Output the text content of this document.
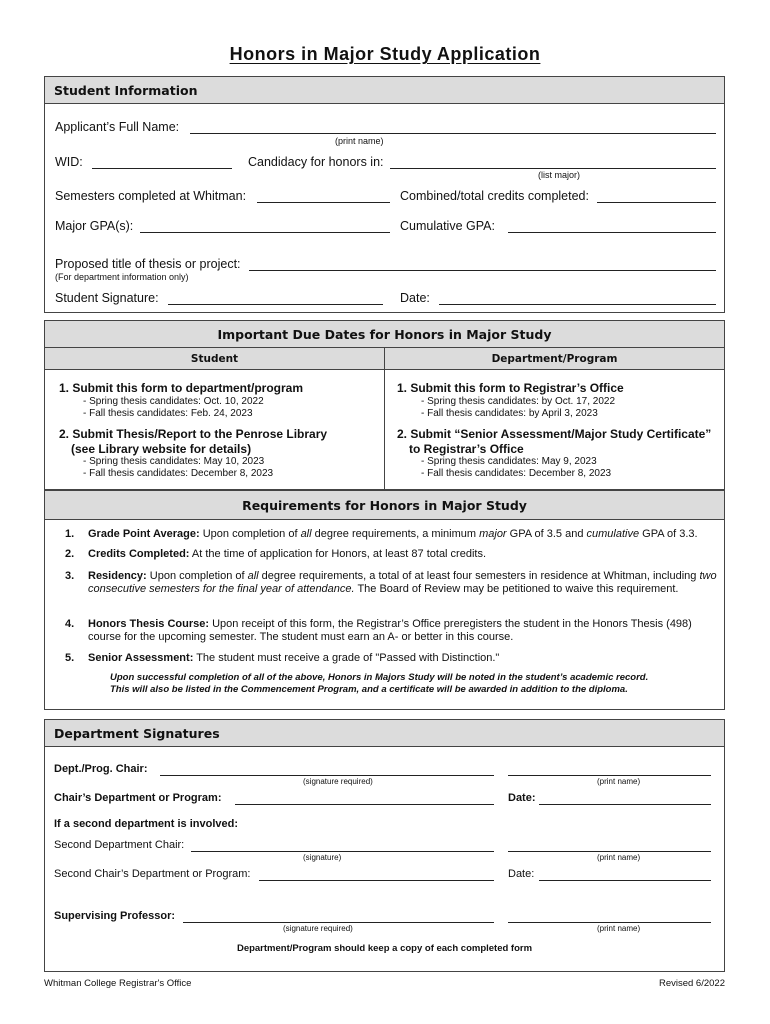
Honors in Major Study Application
Student Information
Applicant’s Full Name:
(print name)
WID:	Candidacy for honors in:
(list major)
Semesters completed at Whitman:	Combined/total credits completed:
Major GPA(s):	Cumulative GPA:
Proposed title of thesis or project:
(For department information only)
Student Signature:	Date:
Important Due Dates for Honors in Major Study
Student	Department/Program
1. Submit this form to department/program
- Spring thesis candidates: Oct. 10, 2022
- Fall thesis candidates: Feb. 24, 2023
2. Submit Thesis/Report to the Penrose Library
(see Library website for details)
- Spring thesis candidates: May 10, 2023
- Fall thesis candidates: December 8, 2023
1. Submit this form to Registrar’s Office
- Spring thesis candidates: by Oct. 17, 2022
- Fall thesis candidates: by April 3, 2023
2. Submit “Senior Assessment/Major Study Certificate”
to Registrar’s Office
- Spring thesis candidates: May 9, 2023
- Fall thesis candidates: December 8, 2023
Requirements for Honors in Major Study
1. Grade Point Average: Upon completion of all degree requirements, a minimum major GPA of 3.5 and cumulative GPA of 3.3.
2. Credits Completed: At the time of application for Honors, at least 87 total credits.
3. Residency: Upon completion of all degree requirements, a total of at least four semesters in residence at Whitman, including two consecutive semesters for the final year of attendance. The Board of Review may be petitioned to waive this requirement.
4. Honors Thesis Course: Upon receipt of this form, the Registrar’s Office preregisters the student in the Honors Thesis (498) course for the upcoming semester. The student must earn an A- or better in this course.
5. Senior Assessment: The student must receive a grade of "Passed with Distinction."
Upon successful completion of all of the above, Honors in Majors Study will be noted in the student’s academic record.
This will also be listed in the Commencement Program, and a certificate will be awarded in addition to the diploma.
Department Signatures
Dept./Prog. Chair:
(signature required)	(print name)
Chair’s Department or Program:	Date:
If a second department is involved:
Second Department Chair:
(signature)	(print name)
Second Chair’s Department or Program:	Date:
Supervising Professor:
(signature required)	(print name)
Department/Program should keep a copy of each completed form
Whitman College Registrar's Office	Revised 6/2022
